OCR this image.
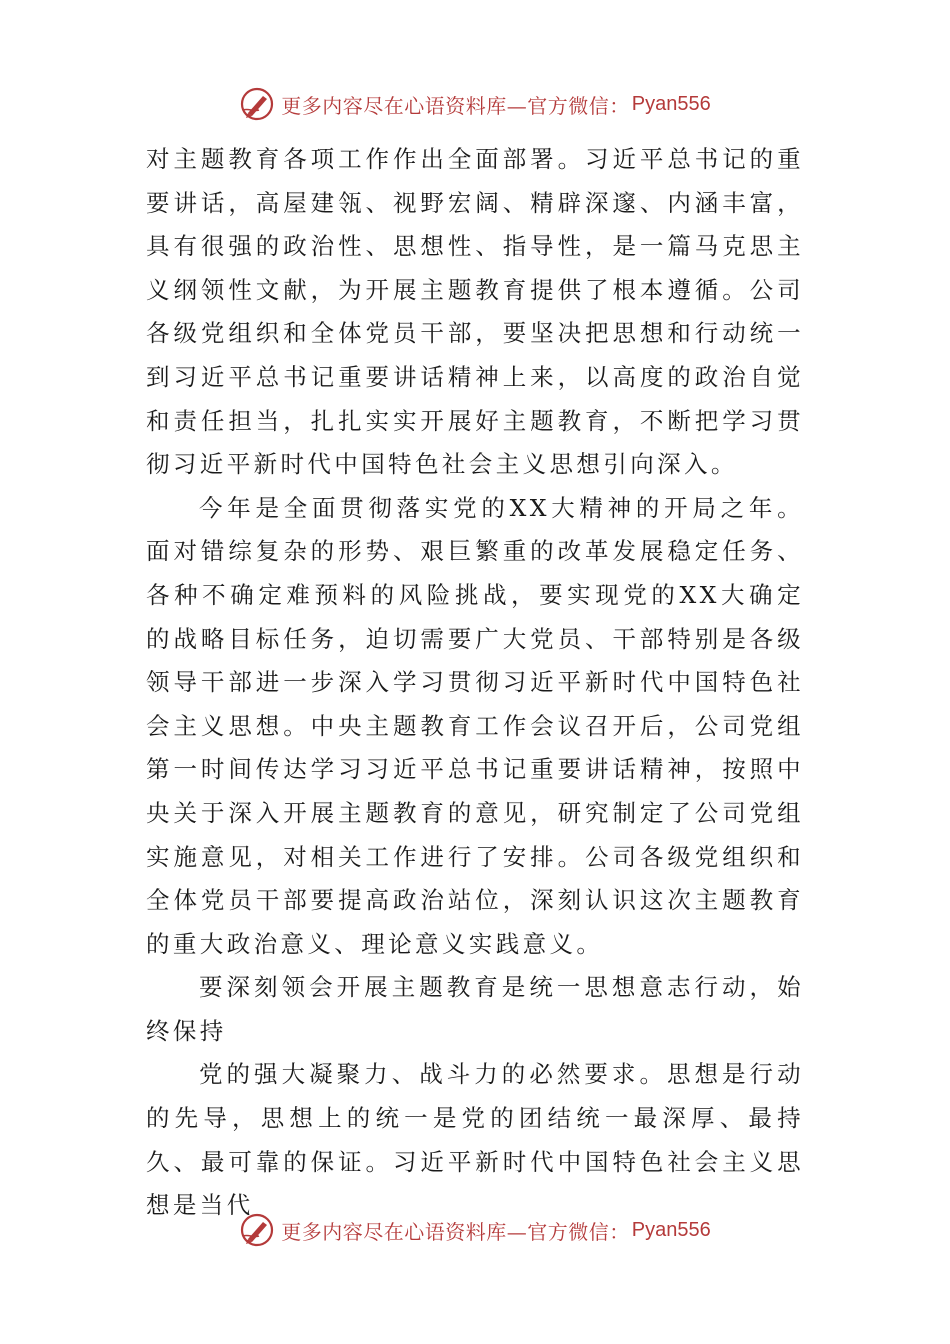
更多内容尽在心语资料库—官方微信： Pyan556

对主题教育各项工作作出全面部署。习近平总书记的重要讲话，高屋建瓴、视野宏阔、精辟深邃、内涵丰富，具有很强的政治性、思想性、指导性，是一篇马克思主义纲领性文献，为开展主题教育提供了根本遵循。公司各级党组织和全体党员干部，要坚决把思想和行动统一到习近平总书记重要讲话精神上来，以高度的政治自觉和责任担当，扎扎实实开展好主题教育，不断把学习贯彻习近平新时代中国特色社会主义思想引向深入。

今年是全面贯彻落实党的XX大精神的开局之年。面对错综复杂的形势、艰巨繁重的改革发展稳定任务、各种不确定难预料的风险挑战，要实现党的XX大确定的战略目标任务，迫切需要广大党员、干部特别是各级领导干部进一步深入学习贯彻习近平新时代中国特色社会主义思想。中央主题教育工作会议召开后，公司党组第一时间传达学习习近平总书记重要讲话精神，按照中央关于深入开展主题教育的意见，研究制定了公司党组实施意见，对相关工作进行了安排。公司各级党组织和全体党员干部要提高政治站位，深刻认识这次主题教育的重大政治意义、理论意义实践意义。

要深刻领会开展主题教育是统一思想意志行动，始终保持

党的强大凝聚力、战斗力的必然要求。思想是行动的先导，思想上的统一是党的团结统一最深厚、最持久、最可靠的保证。习近平新时代中国特色社会主义思想是当代

更多内容尽在心语资料库—官方微信： Pyan556
